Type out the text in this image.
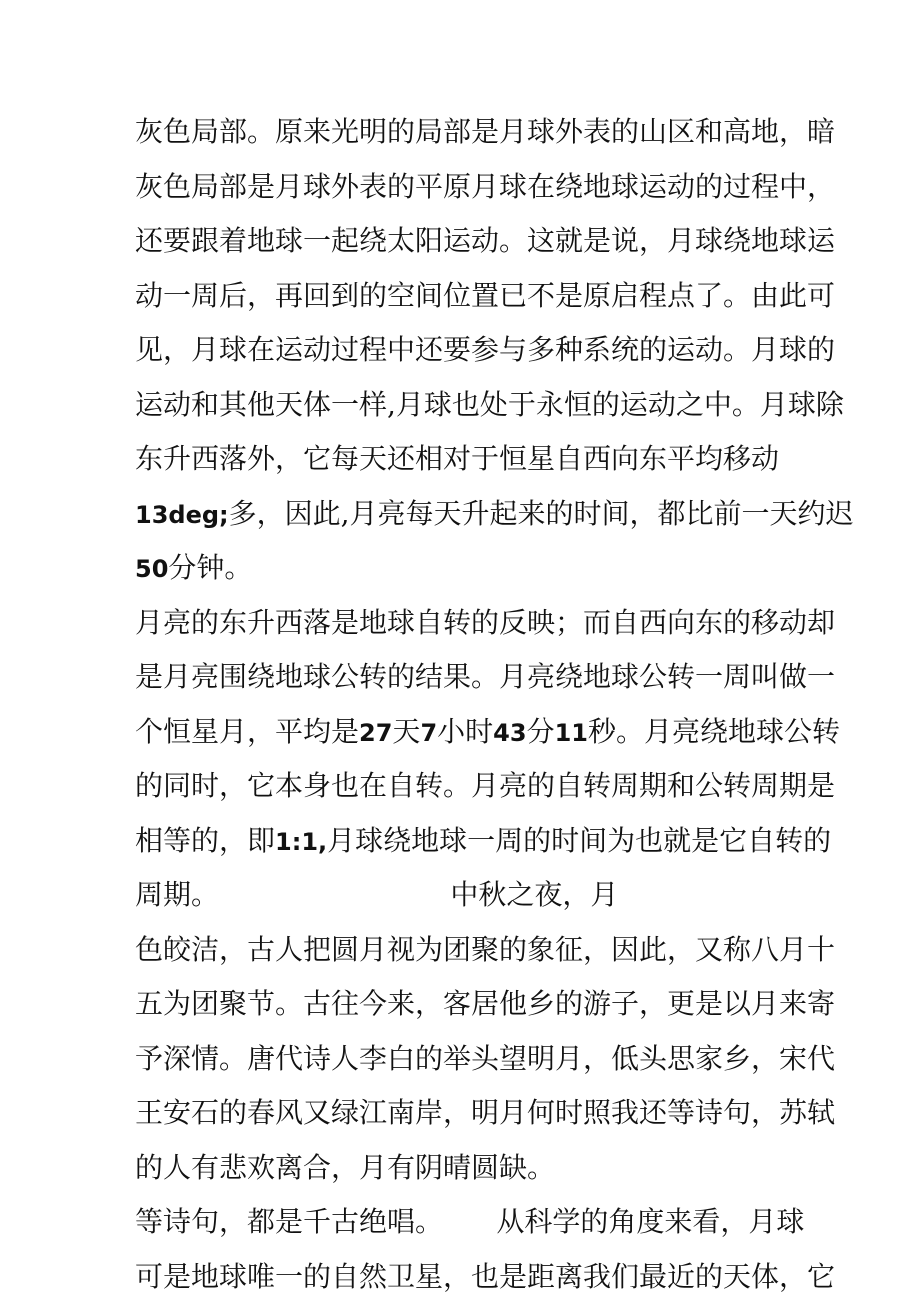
灰色局部。原来光明的局部是月球外表的山区和高地，暗
灰色局部是月球外表的平原月球在绕地球运动的过程中，
还要跟着地球一起绕太阳运动。这就是说，月球绕地球运
动一周后，再回到的空间位置已不是原启程点了。由此可
见，月球在运动过程中还要参与多种系统的运动。月球的
运动和其他天体一样,月球也处于永恒的运动之中。月球除
东升西落外，它每天还相对于恒星自西向东平均移动
13deg;多，因此,月亮每天升起来的时间，都比前一天约迟
50分钟。
月亮的东升西落是地球自转的反映；而自西向东的移动却
是月亮围绕地球公转的结果。月亮绕地球公转一周叫做一
个恒星月，平均是27天7小时43分11秒。月亮绕地球公转
的同时，它本身也在自转。月亮的自转周期和公转周期是
相等的，即1:1,月球绕地球一周的时间为也就是它自转的
周期。                          中秋之夜，月
色皎洁，古人把圆月视为团聚的象征，因此，又称八月十
五为团聚节。古往今来，客居他乡的游子，更是以月来寄
予深情。唐代诗人李白的举头望明月，低头思家乡，宋代
王安石的春风又绿江南岸，明月何时照我还等诗句，苏轼
的人有悲欢离合，月有阴晴圆缺。
等诗句，都是千古绝唱。      从科学的角度来看，月球
可是地球唯一的自然卫星，也是距离我们最近的天体，它
